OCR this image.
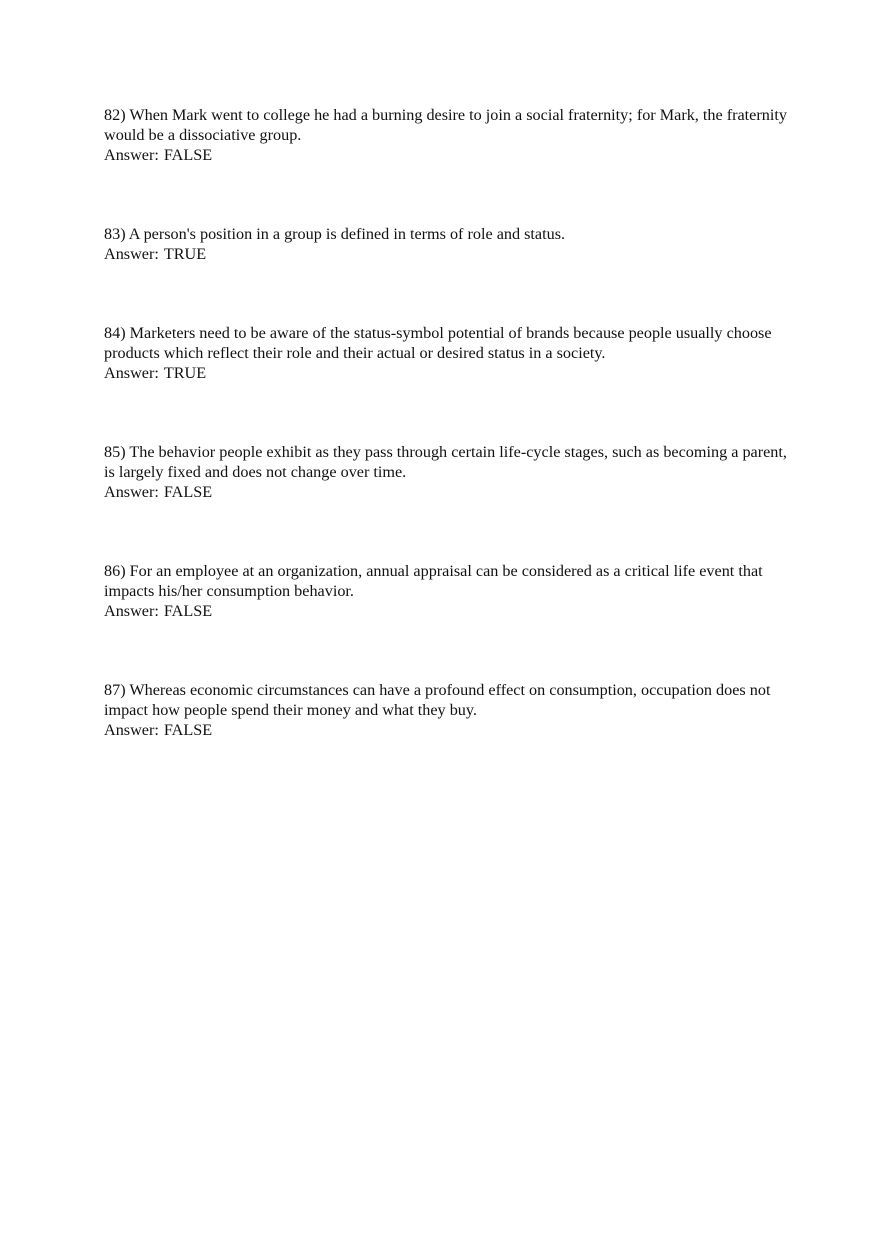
82) When Mark went to college he had a burning desire to join a social fraternity; for Mark, the fraternity would be a dissociative group.
Answer: FALSE
83) A person's position in a group is defined in terms of role and status.
Answer: TRUE
84) Marketers need to be aware of the status-symbol potential of brands because people usually choose products which reflect their role and their actual or desired status in a society.
Answer: TRUE
85) The behavior people exhibit as they pass through certain life-cycle stages, such as becoming a parent, is largely fixed and does not change over time.
Answer: FALSE
86) For an employee at an organization, annual appraisal can be considered as a critical life event that impacts his/her consumption behavior.
Answer: FALSE
87) Whereas economic circumstances can have a profound effect on consumption, occupation does not impact how people spend their money and what they buy.
Answer: FALSE
